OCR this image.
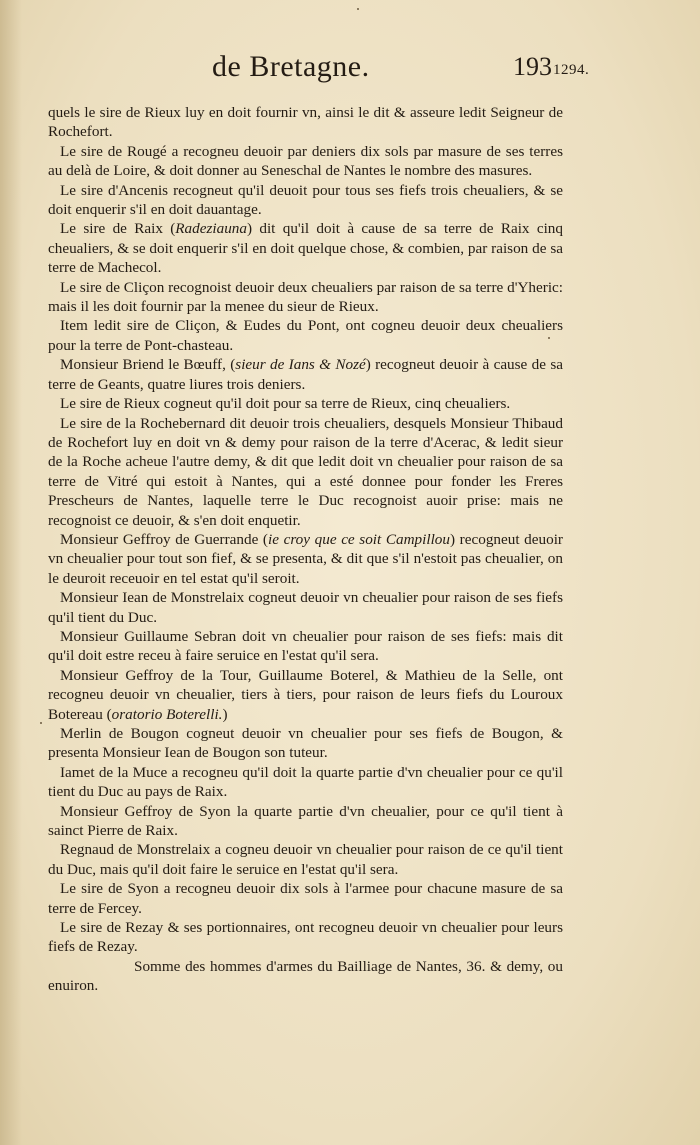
de Bretagne.	193 1294.

quels le sire de Rieux luy en doit fournir vn, ainsi le dit & asseure ledit Seigneur de Rochefort.

Le sire de Rougé a recogneu deuoir par deniers dix sols par masure de ses terres au delà de Loire, & doit donner au Seneschal de Nantes le nombre des masures.

Le sire d'Ancenis recogneut qu'il deuoit pour tous ses fiefs trois cheualiers, & se doit enquerir s'il en doit dauantage.

Le sire de Raix (Radeziauna) dit qu'il doit à cause de sa terre de Raix cinq cheualiers, & se doit enquerir s'il en doit quelque chose, & combien, par raison de sa terre de Machecol.

Le sire de Cliçon recognoist deuoir deux cheualiers par raison de sa terre d'Yheric: mais il les doit fournir par la menee du sieur de Rieux.

Item ledit sire de Cliçon, & Eudes du Pont, ont cogneu deuoir deux cheualiers pour la terre de Pont-chasteau.

Monsieur Briend le Bœuff, (sieur de Ians & Nozé) recogneut deuoir à cause de sa terre de Geants, quatre liures trois deniers.

Le sire de Rieux cogneut qu'il doit pour sa terre de Rieux, cinq cheualiers.

Le sire de la Rochebernard dit deuoir trois cheualiers, desquels Monsieur Thibaud de Rochefort luy en doit vn & demy pour raison de la terre d'Acerac, & ledit sieur de la Roche acheue l'autre demy, & dit que ledit doit vn cheualier pour raison de sa terre de Vitré qui estoit à Nantes, qui a esté donnee pour fonder les Freres Prescheurs de Nantes, laquelle terre le Duc recognoist auoir prise: mais ne recognoist ce deuoir, & s'en doit enquetir.

Monsieur Geffroy de Guerrande (ie croy que ce soit Campillou) recogneut deuoir vn cheualier pour tout son fief, & se presenta, & dit que s'il n'estoit pas cheualier, on le deuroit receuoir en tel estat qu'il seroit.

Monsieur Iean de Monstrelaix cogneut deuoir vn cheualier pour raison de ses fiefs qu'il tient du Duc.

Monsieur Guillaume Sebran doit vn cheualier pour raison de ses fiefs: mais dit qu'il doit estre receu à faire seruice en l'estat qu'il sera.

Monsieur Geffroy de la Tour, Guillaume Boterel, & Mathieu de la Selle, ont recogneu deuoir vn cheualier, tiers à tiers, pour raison de leurs fiefs du Louroux Botereau (oratorio Boterelli.)

Merlin de Bougon cogneut deuoir vn cheualier pour ses fiefs de Bougon, & presenta Monsieur Iean de Bougon son tuteur.

Iamet de la Muce a recogneu qu'il doit la quarte partie d'vn cheualier pour ce qu'il tient du Duc au pays de Raix.

Monsieur Geffroy de Syon la quarte partie d'vn cheualier, pour ce qu'il tient à sainct Pierre de Raix.

Regnaud de Monstrelaix a cogneu deuoir vn cheualier pour raison de ce qu'il tient du Duc, mais qu'il doit faire le seruice en l'estat qu'il sera.

Le sire de Syon a recogneu deuoir dix sols à l'armee pour chacune masure de sa terre de Fercey.

Le sire de Rezay & ses portionnaires, ont recogneu deuoir vn cheualier pour leurs fiefs de Rezay.

Somme des hommes d'armes du Bailliage de Nantes, 36. & demy, ou enuiron.
